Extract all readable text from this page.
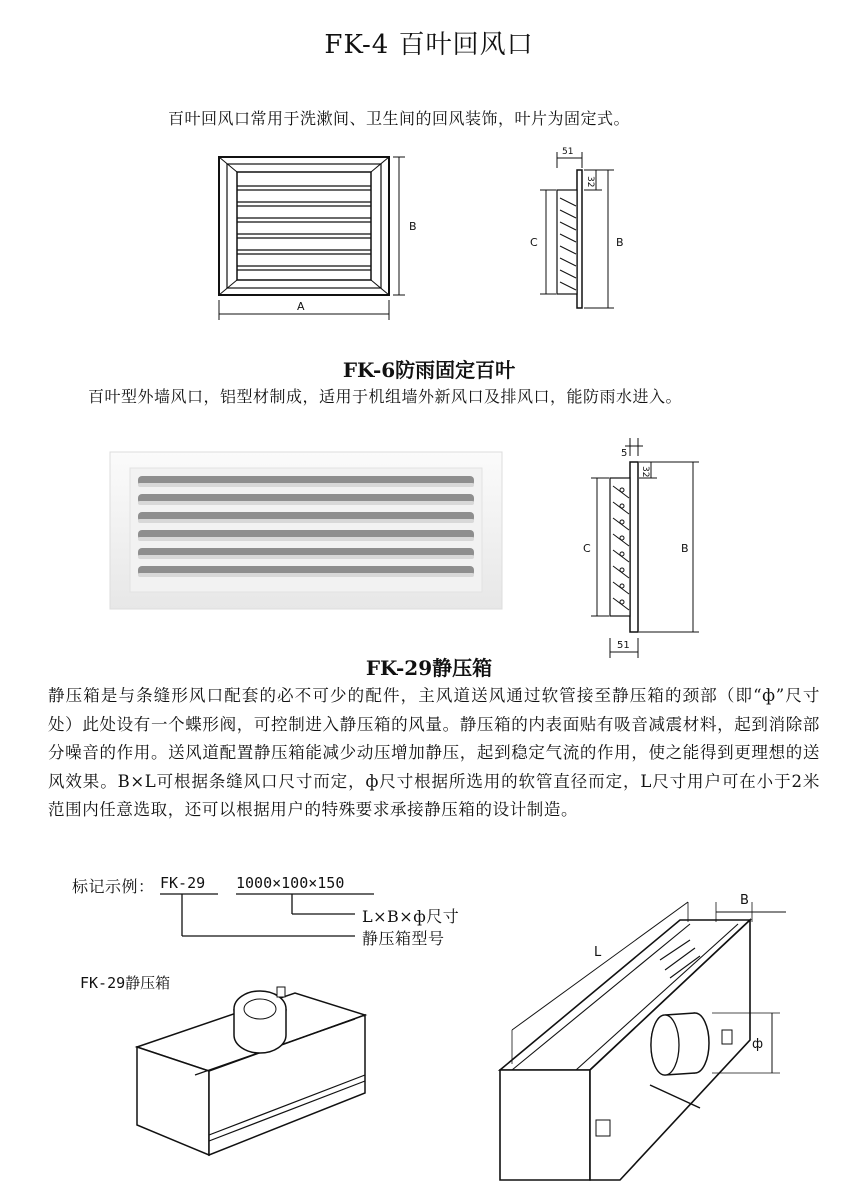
FK-4 百叶回风口
百叶回风口常用于洗漱间、卫生间的回风装饰，叶片为固定式。
B
A
51
32
C	B
FK-6防雨固定百叶
百叶型外墙风口，铝型材制成，适用于机组墙外新风口及排风口，能防雨水进入。
5
32
C	B
51
FK-29静压箱
静压箱是与条缝形风口配套的必不可少的配件，主风道送风通过软管接至静压箱的颈部（即“ф”尺寸处）此处设有一个蝶形阀，可控制进入静压箱的风量。静压箱的内表面贴有吸音减震材料，起到消除部分噪音的作用。送风道配置静压箱能减少动压增加静压，起到稳定气流的作用，使之能得到更理想的送风效果。B×L可根据条缝风口尺寸而定，ф尺寸根据所选用的软管直径而定，L尺寸用户可在小于2米范围内任意选取，还可以根据用户的特殊要求承接静压箱的设计制造。
标记示例： FK-29 1000×100×150
L×B×ф尺寸
静压箱型号
FK-29静压箱
L
B
ф
